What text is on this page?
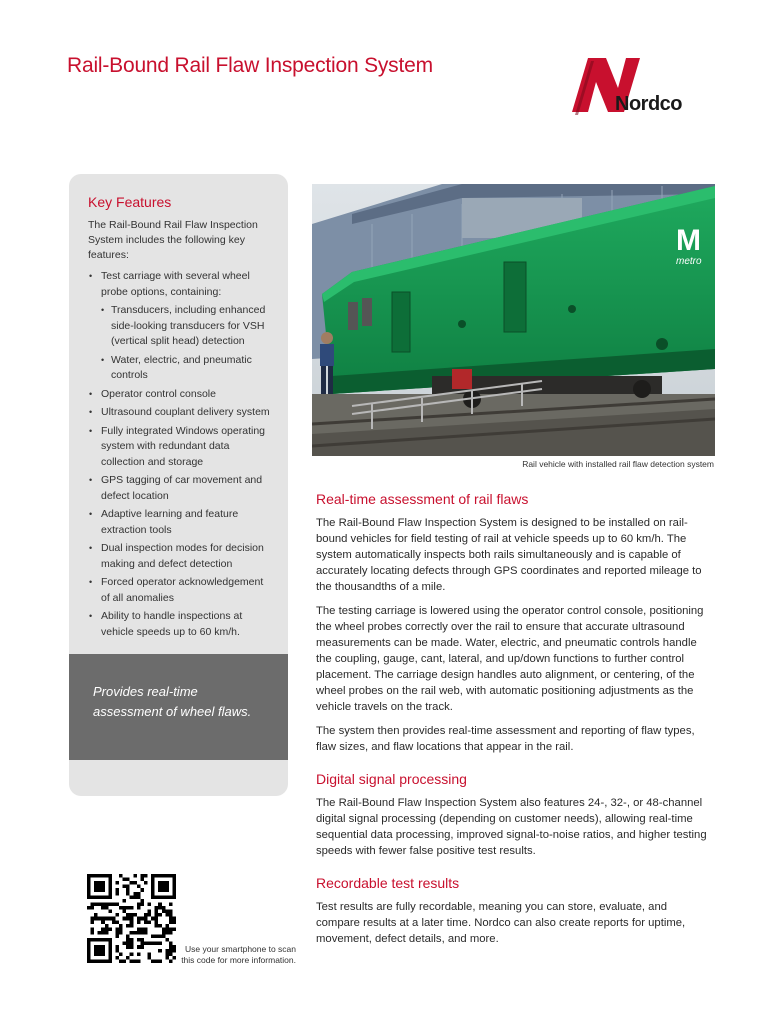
Rail-Bound Rail Flaw Inspection System
Nordco
Key Features

The Rail-Bound Rail Flaw Inspection System includes the following key features:

• Test carriage with several wheel probe options, containing:
• Transducers, including enhanced side-looking transducers for VSH (vertical split head) detection
• Water, electric, and pneumatic controls
• Operator control console
• Ultrasound couplant delivery system
• Fully integrated Windows operating system with redundant data collection and storage
• GPS tagging of car movement and defect location
• Adaptive learning and feature extraction tools
• Dual inspection modes for decision making and defect detection
• Forced operator acknowledgement of all anomalies
• Ability to handle inspections at vehicle speeds up to 60 km/h.

Provides real-time assessment of wheel flaws.

M
metro

Rail vehicle with installed rail flaw detection system

Real-time assessment of rail flaws

The Rail-Bound Flaw Inspection System is designed to be installed on rail-bound vehicles for field testing of rail at vehicle speeds up to 60 km/h. The system automatically inspects both rails simultaneously and is capable of accurately locating defects through GPS coordinates and reported mileage to the thousandths of a mile.

The testing carriage is lowered using the operator control console, positioning the wheel probes correctly over the rail to ensure that accurate ultrasound measurements can be made. Water, electric, and pneumatic controls handle the coupling, gauge, cant, lateral, and up/down functions to further control placement. The carriage design handles auto alignment, or centering, of the wheel probes on the rail web, with automatic positioning adjustments as the vehicle travels on the track.

The system then provides real-time assessment and reporting of flaw types, flaw sizes, and flaw locations that appear in the rail.

Digital signal processing

The Rail-Bound Flaw Inspection System also features 24-, 32-, or 48-channel digital signal processing (depending on customer needs), allowing real-time sequential data processing, improved signal-to-noise ratios, and higher testing speeds with fewer false positive test results.

Recordable test results

Test results are fully recordable, meaning you can store, evaluate, and compare results at a later time. Nordco can also create reports for uptime, movement, defect details, and more.

Use your smartphone to scan this code for more information.
